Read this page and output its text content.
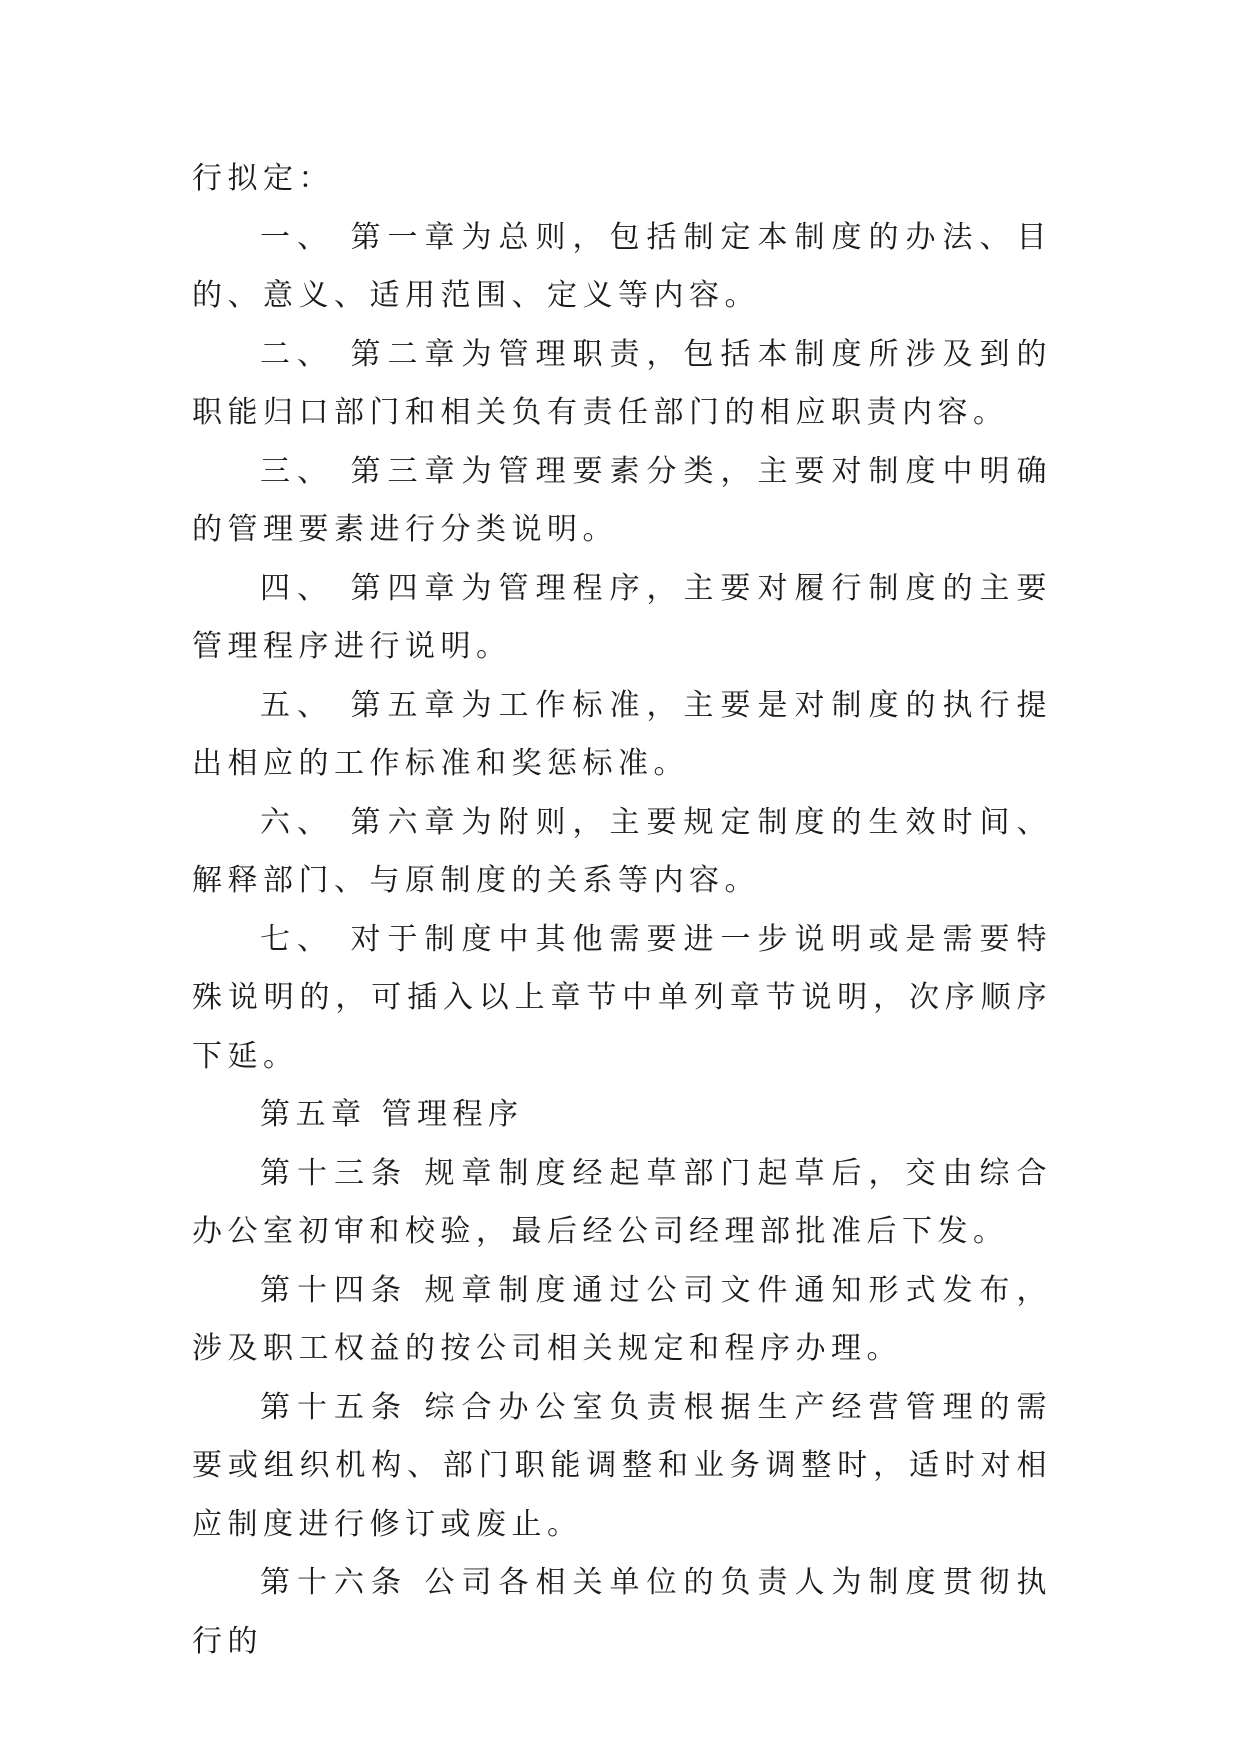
行拟定：

一、 第一章为总则，包括制定本制度的办法、目的、意义、适用范围、定义等内容。

二、 第二章为管理职责，包括本制度所涉及到的职能归口部门和相关负有责任部门的相应职责内容。

三、 第三章为管理要素分类，主要对制度中明确的管理要素进行分类说明。

四、 第四章为管理程序，主要对履行制度的主要管理程序进行说明。

五、 第五章为工作标准，主要是对制度的执行提出相应的工作标准和奖惩标准。

六、 第六章为附则，主要规定制度的生效时间、解释部门、与原制度的关系等内容。

七、 对于制度中其他需要进一步说明或是需要特殊说明的，可插入以上章节中单列章节说明，次序顺序下延。

第五章 管理程序

第十三条 规章制度经起草部门起草后，交由综合办公室初审和校验，最后经公司经理部批准后下发。

第十四条 规章制度通过公司文件通知形式发布，涉及职工权益的按公司相关规定和程序办理。

第十五条 综合办公室负责根据生产经营管理的需要或组织机构、部门职能调整和业务调整时，适时对相应制度进行修订或废止。

第十六条 公司各相关单位的负责人为制度贯彻执行的
